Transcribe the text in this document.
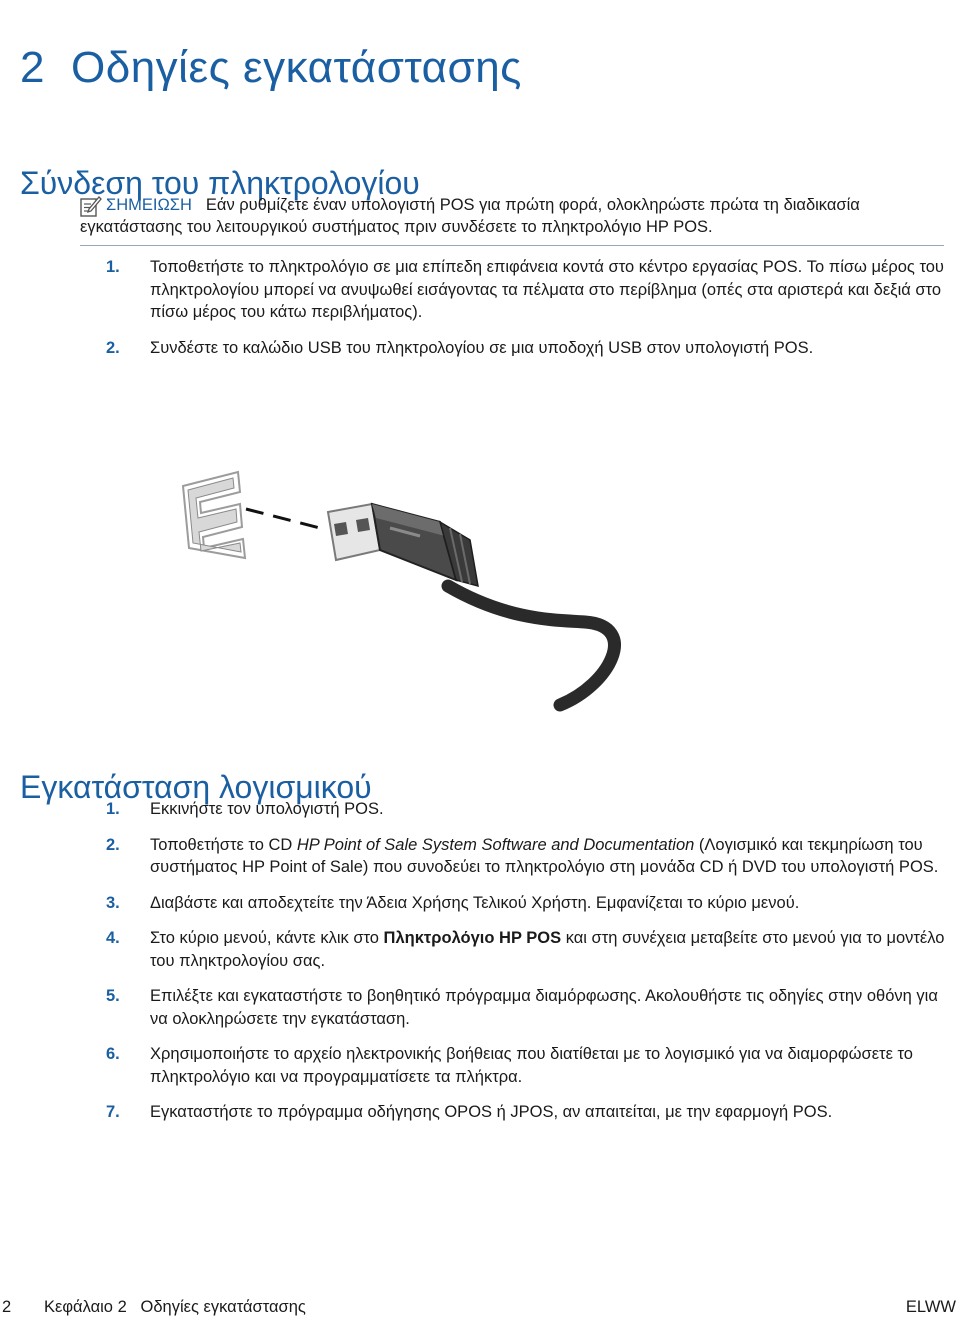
2 Οδηγίες εγκατάστασης
Σύνδεση του πληκτρολογίου
ΣΗΜΕΙΩΣΗ Εάν ρυθμίζετε έναν υπολογιστή POS για πρώτη φορά, ολοκληρώστε πρώτα τη διαδικασία εγκατάστασης του λειτουργικού συστήματος πριν συνδέσετε το πληκτρολόγιο HP POS.
1. Τοποθετήστε το πληκτρολόγιο σε μια επίπεδη επιφάνεια κοντά στο κέντρο εργασίας POS. Το πίσω μέρος του πληκτρολογίου μπορεί να ανυψωθεί εισάγοντας τα πέλματα στο περίβλημα (οπές στα αριστερά και δεξιά στο πίσω μέρος του κάτω περιβλήματος).
2. Συνδέστε το καλώδιο USB του πληκτρολογίου σε μια υποδοχή USB στον υπολογιστή POS.
Εγκατάσταση λογισμικού
1. Εκκινήστε τον υπολογιστή POS.
2. Τοποθετήστε το CD HP Point of Sale System Software and Documentation (Λογισμικό και τεκμηρίωση του συστήματος HP Point of Sale) που συνοδεύει το πληκτρολόγιο στη μονάδα CD ή DVD του υπολογιστή POS.
3. Διαβάστε και αποδεχτείτε την Άδεια Χρήσης Τελικού Χρήστη. Εμφανίζεται το κύριο μενού.
4. Στο κύριο μενού, κάντε κλικ στο Πληκτρολόγιο HP POS και στη συνέχεια μεταβείτε στο μενού για το μοντέλο του πληκτρολογίου σας.
5. Επιλέξτε και εγκαταστήστε το βοηθητικό πρόγραμμα διαμόρφωσης. Ακολουθήστε τις οδηγίες στην οθόνη για να ολοκληρώσετε την εγκατάσταση.
6. Χρησιμοποιήστε το αρχείο ηλεκτρονικής βοήθειας που διατίθεται με το λογισμικό για να διαμορφώσετε το πληκτρολόγιο και να προγραμματίσετε τα πλήκτρα.
7. Εγκαταστήστε το πρόγραμμα οδήγησης OPOS ή JPOS, αν απαιτείται, με την εφαρμογή POS.
2 Κεφάλαιο 2   Οδηγίες εγκατάστασης	ELWW
